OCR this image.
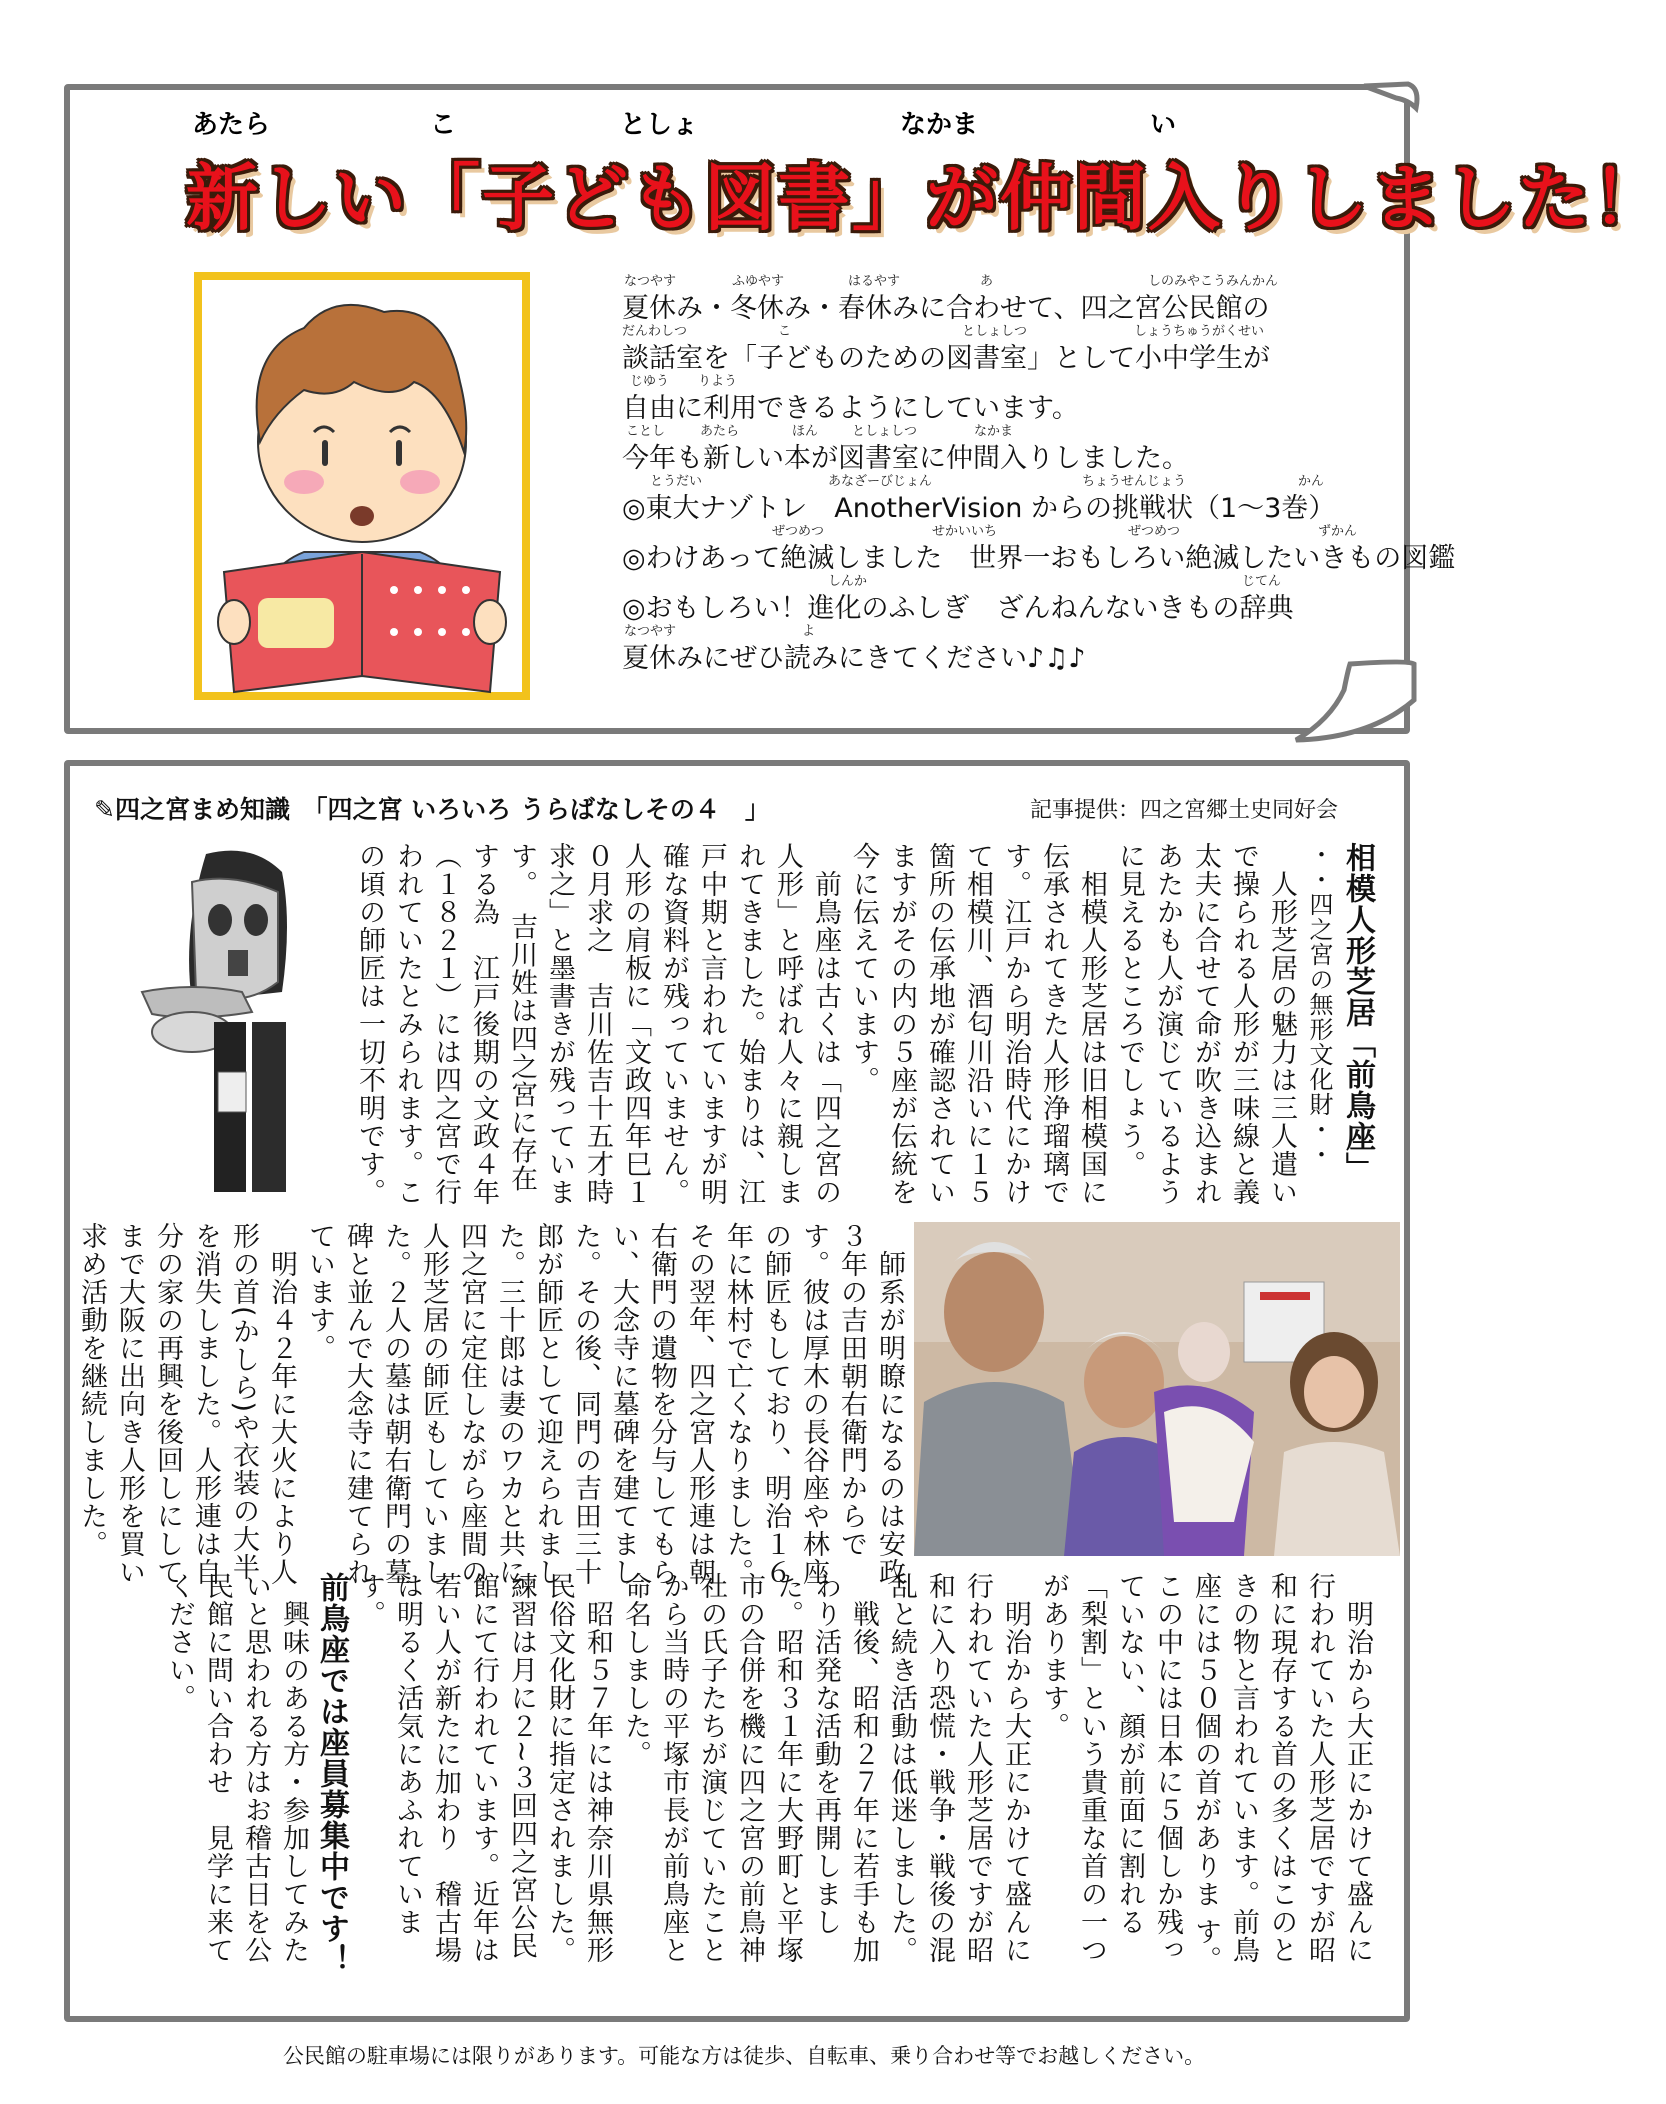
あたら	こ	としょ	なかま	い
新しい「子ども図書」が仲間入りしました！
なつやす	ふゆやす	はるやす	あ	しのみやこうみんかん
夏休み・冬休み・春休みに合わせて、四之宮公民館の
だんわしつ	こ	としょしつ	しょうちゅうがくせい
談話室を「子どものための図書室」として小中学生が
じゆう りよう
自由に利用できるようにしています。
ことし	あたら	ほん	としょしつ	なかま
今年も新しい本が図書室に仲間入りしました。
とうだい	あなざーびじょん	ちょうせんじょう	かん
◎東大ナゾトレ　AnotherVision からの挑戦状（1～3巻）
ぜつめつ	せかいいち	ぜつめつ	ずかん
◎わけあって絶滅しました　世界一おもしろい絶滅したいきもの図鑑
しんか	じてん
◎おもしろい！進化のふしぎ　ざんねんないきもの辞典
なつやす	よ
夏休みにぜひ読みにきてください♪♫♪
✎四之宮まめ知識　「四之宮 いろいろ うらばなしその４　」	記事提供：四之宮郷土史同好会

相模人形芝居「前鳥座」

・・四之宮の無形文化財・・

　人形芝居の魅力は三人遣いで操られる人形が三味線と義太夫に合せて命が吹き込まれあたかも人が演じているように見えるところでしょう。

　相模人形芝居は旧相模国に伝承されてきた人形浄瑠璃です。江戸から明治時代にかけて相模川、酒匂川沿いに１５箇所の伝承地が確認されていますがその内の５座が伝統を今に伝えています。

　前鳥座は古くは「四之宮の人形」と呼ばれ人々に親しまれてきました。始まりは、江戸中期と言われていますが明確な資料が残っていません。人形の肩板に「文政四年巳１０月求之　吉川佐吉十五才時求之」と墨書きが残っています。　吉川姓は四之宮に存在する為　江戸後期の文政４年（１８２１）には四之宮で行われていたとみられます。この頃の師匠は一切不明です。

　師系が明瞭になるのは安政３年の吉田朝右衛門からです。彼は厚木の長谷座や林座の師匠もしており、明治１６年に林村で亡くなりました。その翌年、四之宮人形連は朝右衛門の遺物を分与してもらい、大念寺に墓碑を建てました。その後、同門の吉田三十郎が師匠として迎えられました。三十郎は妻のワカと共に四之宮に定住しながら座間の人形芝居の師匠もしていました。２人の墓は朝右衛門の墓碑と並んで大念寺に建てられています。

　明治４２年に大火により人形の首(かしら)や衣装の大半を消失しました。人形連は自分の家の再興を後回しにしてまで大阪に出向き人形を買い求め活動を継続しました。

　明治から大正にかけて盛んに行われていた人形芝居ですが昭和に現存する首の多くはこのときの物と言われています。前鳥座には５０個の首がありま す。この中には日本に５個しか残っていない、顔が前面に割れる「梨割」という貴重な首の一つがあります。

　明治から大正にかけて盛んに行われていた人形芝居ですが昭和に入り恐慌・戦争・戦後の混乱と続き活動は低迷しました。

　戦後、昭和２７年に若手も加わり活発な活動を再開しました。昭和３１年に大野町と平塚市の合併を機に四之宮の前鳥神社の氏子たちが演じていたことから当時の平塚市長が前鳥座と命名しました。

　昭和５７年には神奈川県無形民俗文化財に指定されました。練習は月に２~３回四之宮公民館にて行われています。近年は若い人が新たに加わり　稽古場は明るく活気にあふれています。

前鳥座では座員募集中です！

　興味のある方・参加してみたいと思われる方はお稽古日を公民館に問い合わせ　見学に来てください。

公民館の駐車場には限りがあります。可能な方は徒歩、自転車、乗り合わせ等でお越しください。
